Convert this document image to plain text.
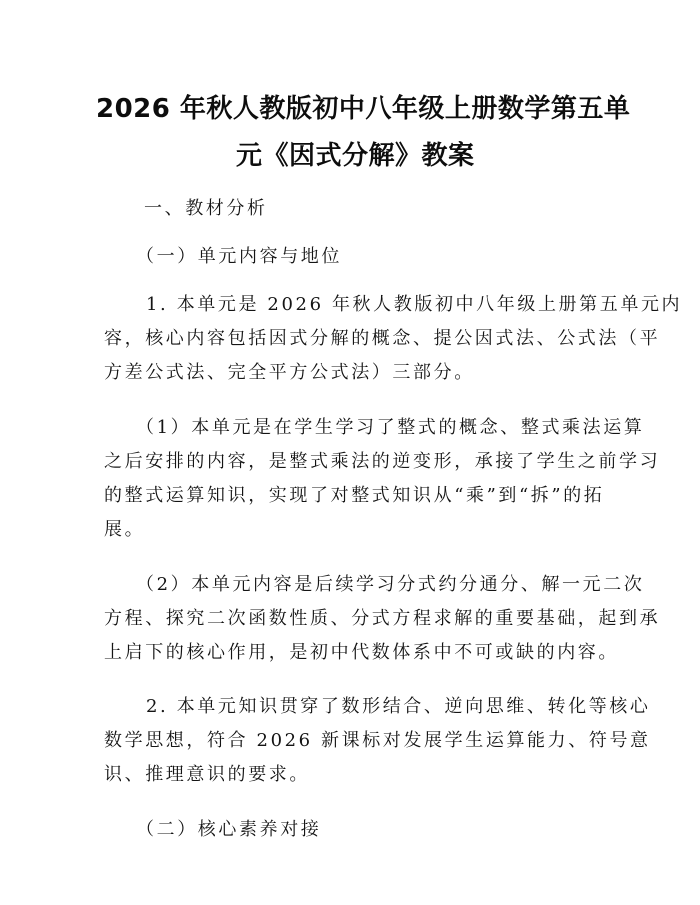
2026 年秋人教版初中八年级上册数学第五单
元《因式分解》教案
一、教材分析
（一）单元内容与地位
1. 本单元是 2026 年秋人教版初中八年级上册第五单元内
容，核心内容包括因式分解的概念、提公因式法、公式法（平
方差公式法、完全平方公式法）三部分。
（1）本单元是在学生学习了整式的概念、整式乘法运算
之后安排的内容，是整式乘法的逆变形，承接了学生之前学习
的整式运算知识，实现了对整式知识从“乘”到“拆”的拓
展。
（2）本单元内容是后续学习分式约分通分、解一元二次
方程、探究二次函数性质、分式方程求解的重要基础，起到承
上启下的核心作用，是初中代数体系中不可或缺的内容。
2. 本单元知识贯穿了数形结合、逆向思维、转化等核心
数学思想，符合 2026 新课标对发展学生运算能力、符号意
识、推理意识的要求。
（二）核心素养对接
